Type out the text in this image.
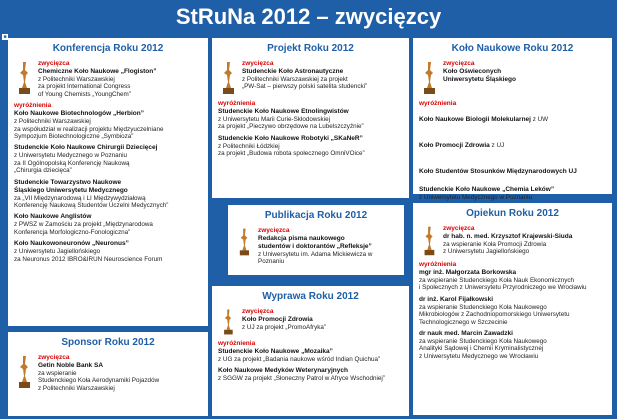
StRuNa 2012 – zwycięzcy
■
Konferencja Roku 2012
zwycięzca
Chemiczne Koło Naukowe „Flogiston”
z Politechniki Warszawskiej
za projekt International Congress
of Young Chemists „YoungChem”
wyróżnienia
Koło Naukowe Biotechnologów „Herbion”
z Politechniki Warszawskiej
za współudział w realizacji projektu Międzyuczelniane
Sympozjum Biotechnologiczne „Symbioza”
Studenckie Koło Naukowe Chirurgii Dziecięcej
z Uniwersytetu Medycznego w Poznaniu
za II Ogólnopolską Konferencję Naukową
„Chirurgia dziecięca”
Studenckie Towarzystwo Naukowe
Śląskiego Uniwersytetu Medycznego
za „VII Międzynarodową i LI Międzywydziałową
Konferencję Naukową Studentów Uczelni Medycznych”
Koło Naukowe Anglistów
z PWSZ w Zamościu za projekt „Międzynarodowa
Konferencja Morfologiczno-Fonologiczna”
Koło Naukowoneuronów „Neuronus”
z Uniwersytetu Jagiellońskiego
za Neuronus 2012 IBRO&IRUN Neuroscience Forum
Sponsor Roku 2012
zwycięzca
Getin Noble Bank SA
za wspieranie
Studenckiego Koła Aerodynamiki Pojazdów
z Politechniki Warszawskiej
Projekt Roku 2012
zwycięzca
Studenckie Koło Astronautyczne
z Politechniki Warszawskiej za projekt
„PW-Sat – pierwszy polski satelita studencki”
wyróżnienia
Studenckie Koło Naukowe Etnolingwistów
z Uniwersytetu Marii Curie-Skłodowskiej
za projekt „Pieczywo obrzędowe na Lubelszczyźnie”
Studenckie Koło Naukowe Robotyki „SKaNeR”
z Politechniki Łódzkiej
za projekt „Budowa robota społecznego OmniVOice”
Publikacja Roku 2012
zwycięzca
Redakcja pisma naukowego
studentów i doktorantów „Refleksje”
z Uniwersytetu im. Adama Mickiewicza w Poznaniu
Wyprawa Roku 2012
zwycięzca
Koło Promocji Zdrowia
z UJ za projekt „PromoAfryka”
wyróżnienia
Studenckie Koło Naukowe „Mozaika”
z UG za projekt „Badania naukowe wśród Indian Quichua”
Koło Naukowe Medyków Weterynaryjnych
z SGGW za projekt „Słoneczny Patrol w Afryce Wschodniej”
Koło Naukowe Roku 2012
zwycięzca
Koło Oświeconych
Uniwersytetu Śląskiego
wyróżnienia
Koło Naukowe Biologii Molekularnej z UW
Koło Promocji Zdrowia z UJ
Koło Studentów Stosunków Międzynarodowych UJ
Studenckie Koło Naukowe „Chemia Leków”
z Uniwersytetu Medycznego w Poznaniu
Opiekun Roku 2012
zwycięzca
dr hab. n. med. Krzysztof Krajewski-Siuda
za wspieranie Koła Promocji Zdrowia
z Uniwersytetu Jagiellońskiego
wyróżnienia
mgr inż. Małgorzata Borkowska
za wspieranie Studenckiego Koła Nauk Ekonomicznych
i Społecznych z Uniwersytetu Przyrodniczego we Wrocławiu
dr inż. Karol Fijałkowski
za wspieranie Studenckiego Koła Naukowego
Mikrobiologów z Zachodniopomorskiego Uniwersytetu
Technologicznego w Szczecinie
dr nauk med. Marcin Zawadzki
za wspieranie Studenckiego Koła Naukowego
Analityki Sądowej i Chemii Kryminalistycznej
z Uniwersytetu Medycznego we Wrocławiu
